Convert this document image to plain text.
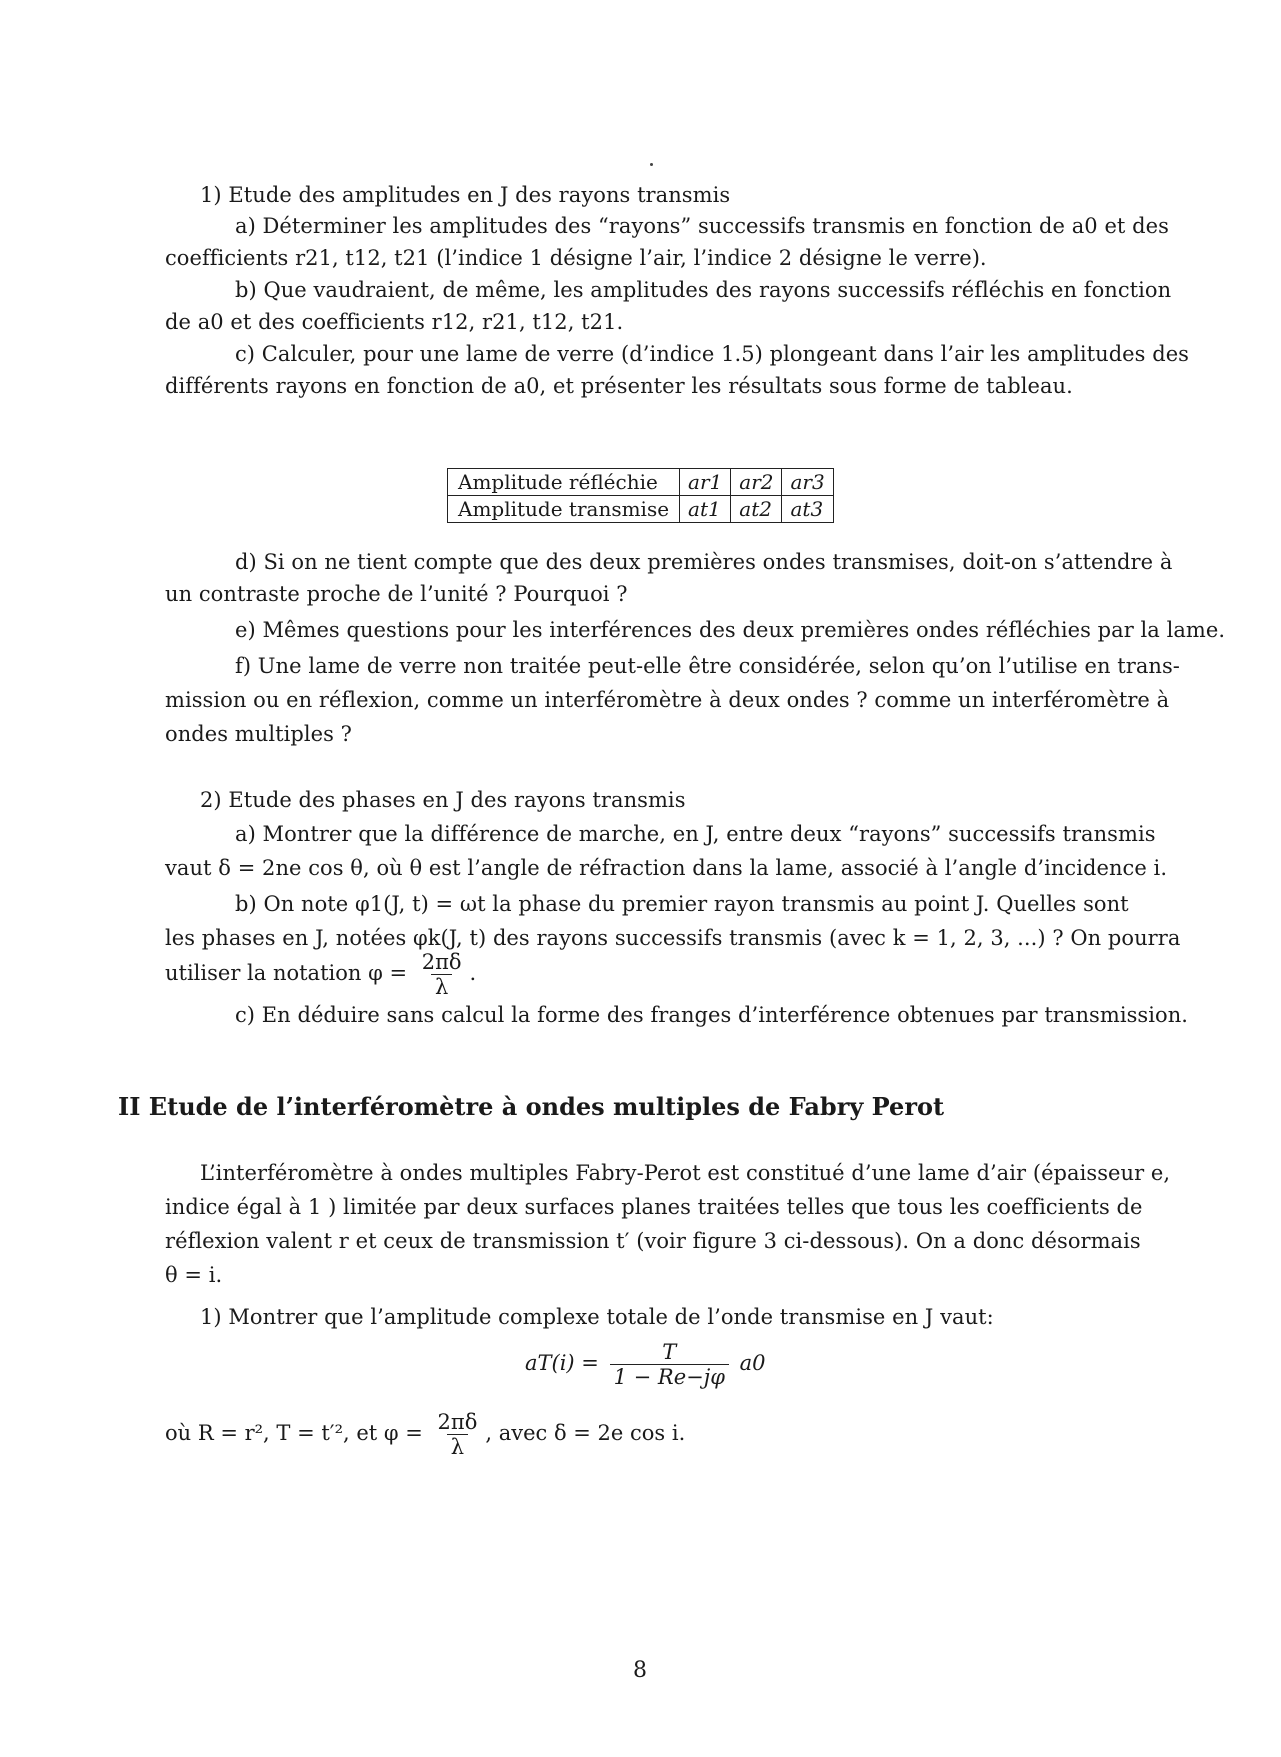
1) Etude des amplitudes en J des rayons transmis
a) Déterminer les amplitudes des “rayons” successifs transmis en fonction de a0 et des
coefficients r21, t12, t21 (l’indice 1 désigne l’air, l’indice 2 désigne le verre).
b) Que vaudraient, de même, les amplitudes des rayons successifs réfléchis en fonction
de a0 et des coefficients r12, r21, t12, t21.
c) Calculer, pour une lame de verre (d’indice 1.5) plongeant dans l’air les amplitudes des
différents rayons en fonction de a0, et présenter les résultats sous forme de tableau.
Amplitude réfléchie	ar1	ar2	ar3
Amplitude transmise	at1	at2	at3
d) Si on ne tient compte que des deux premières ondes transmises, doit-on s’attendre à
un contraste proche de l’unité ? Pourquoi ?
e) Mêmes questions pour les interférences des deux premières ondes réfléchies par la lame.
f) Une lame de verre non traitée peut-elle être considérée, selon qu’on l’utilise en trans-
mission ou en réflexion, comme un interféromètre à deux ondes ? comme un interféromètre à
ondes multiples ?
2) Etude des phases en J des rayons transmis
a) Montrer que la différence de marche, en J, entre deux “rayons” successifs transmis
vaut δ = 2ne cos θ, où θ est l’angle de réfraction dans la lame, associé à l’angle d’incidence i.
b) On note φ1(J, t) = ωt la phase du premier rayon transmis au point J. Quelles sont
les phases en J, notées φk(J, t) des rayons successifs transmis (avec k = 1, 2, 3, ...) ? On pourra
utiliser la notation $\varphi = \frac{2\pi\delta}{\lambda}$ .
c) En déduire sans calcul la forme des franges d’interférence obtenues par transmission.
II Etude de l’interféromètre à ondes multiples de Fabry Perot
L’interféromètre à ondes multiples Fabry-Perot est constitué d’une lame d’air (épaisseur e,
indice égal à 1 ) limitée par deux surfaces planes traitées telles que tous les coefficients de
réflexion valent r et ceux de transmission t′ (voir figure 3 ci-dessous). On a donc désormais
θ = i.
1) Montrer que l’amplitude complexe totale de l’onde transmise en J vaut:
$aT(i) = \frac{T}{1 - Re-j\varphi} a0$
où R = r², T = t′², et $\varphi = \frac{2\pi\delta}{\lambda}$ , avec δ = 2e cos i.
8
